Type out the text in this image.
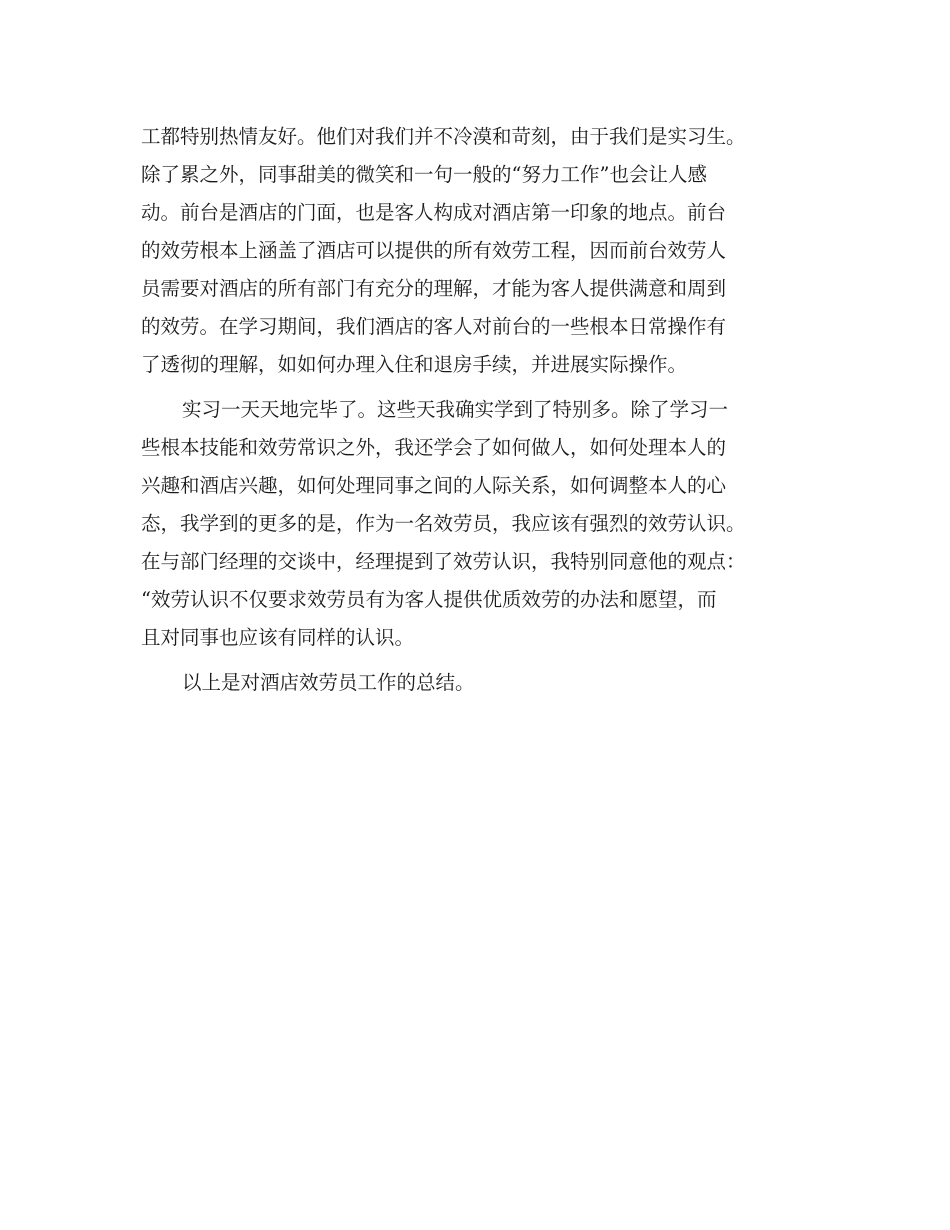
工都特别热情友好。他们对我们并不冷漠和苛刻，由于我们是实习生。
除了累之外，同事甜美的微笑和一句一般的“努力工作”也会让人感
动。前台是酒店的门面，也是客人构成对酒店第一印象的地点。前台
的效劳根本上涵盖了酒店可以提供的所有效劳工程，因而前台效劳人
员需要对酒店的所有部门有充分的理解，才能为客人提供满意和周到
的效劳。在学习期间，我们酒店的客人对前台的一些根本日常操作有
了透彻的理解，如如何办理入住和退房手续，并进展实际操作。
实习一天天地完毕了。这些天我确实学到了特别多。除了学习一
些根本技能和效劳常识之外，我还学会了如何做人，如何处理本人的
兴趣和酒店兴趣，如何处理同事之间的人际关系，如何调整本人的心
态，我学到的更多的是，作为一名效劳员，我应该有强烈的效劳认识。
在与部门经理的交谈中，经理提到了效劳认识，我特别同意他的观点：
“效劳认识不仅要求效劳员有为客人提供优质效劳的办法和愿望，而
且对同事也应该有同样的认识。
以上是对酒店效劳员工作的总结。
